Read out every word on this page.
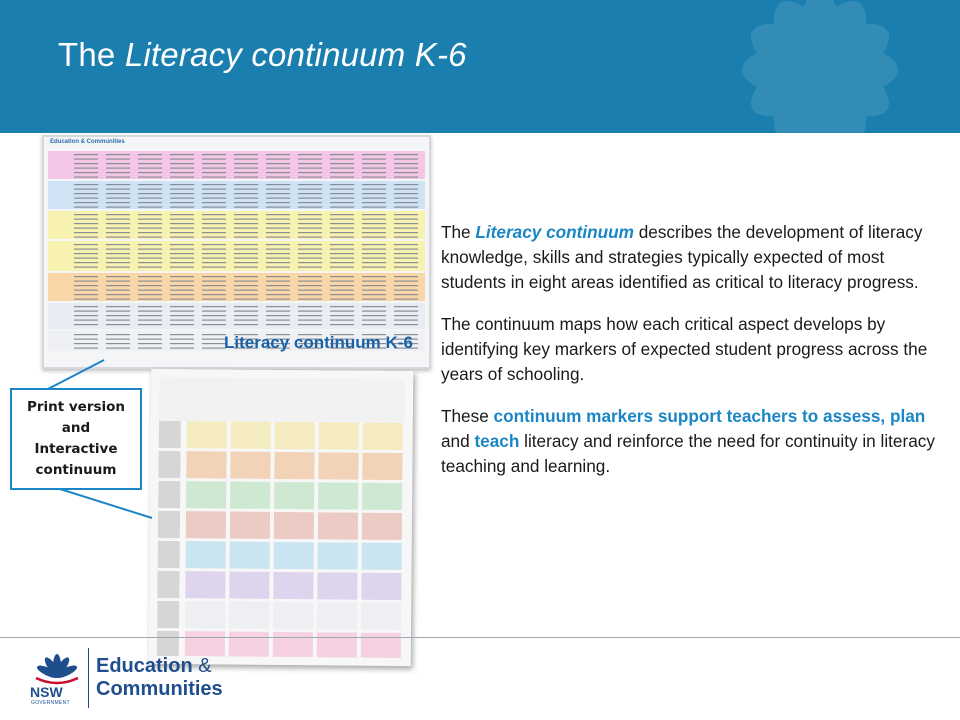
The Literacy continuum K-6
Education & Communities
Literacy continuum K-6
Print version
and
Interactive
continuum

The Literacy continuum describes the development of literacy knowledge, skills and strategies typically expected of most students in eight areas identified as critical to literacy progress.

The continuum maps how each critical aspect develops by identifying key markers of expected student progress across the years of schooling.

These continuum markers support teachers to assess, plan and teach literacy and reinforce the need for continuity in literacy teaching and learning.

NSW
GOVERNMENT
Education &
Communities
